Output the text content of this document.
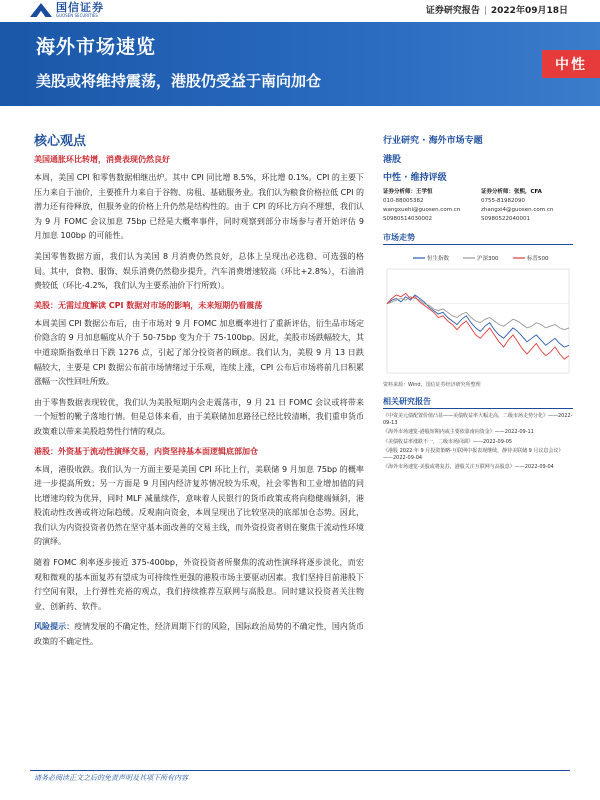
国信证券
GUOSEN SECURITIES	证券研究报告 | 2022年09月18日
海外市场速览
美股或将维持震荡，港股仍受益于南向加仓
中性
核心观点
美国通胀环比转增，消费表现仍然良好

本周，美国 CPI 和零售数据相继出炉。其中 CPI 同比增 8.5%，环比增 0.1%。CPI 的主要下压力来自于油价，主要推升力来自于谷物、房租、基础服务业。我们认为粮食价格拉低 CPI 的潜力还有待释放，但服务业的价格上升仍然是结构性的。由于 CPI 的环比方向不理想，我们认为 9 月 FOMC 会议加息 75bp 已经是大概率事件，同时观察到部分市场参与者开始评估 9 月加息 100bp 的可能性。

美国零售数据方面，我们认为美国 8 月消费仍然良好，总体上呈现出必选稳、可选强的格局。其中，食物、服饰、娱乐消费仍然稳步提升，汽车消费增速较高（环比+2.8%），石油消费较低（环比-4.2%，我们认为主要系油价下行所致）。

美股：无需过度解读 CPI 数据对市场的影响，未来短期仍看震荡

本周美国 CPI 数据公布后，由于市场对 9 月 FOMC 加息概率进行了重新评估，衍生品市场定价隐含的 9 月加息幅度从介于 50-75bp 变为介于 75-100bp。因此，美股市场跌幅较大，其中道琼斯指数单日下跌 1276 点，引起了部分投资者的顾虑。我们认为，美股 9 月 13 日跌幅较大，主要是 CPI 数据公布前市场情绪过于乐观，连续上涨，CPI 公布后市场将前几日积累涨幅一次性回吐所致。

由于零售数据表现较优，我们认为美股短期内会走震荡市，9 月 21 日 FOMC 会议或将带来一个短暂的靴子落地行情。但是总体来看，由于美联储加息路径已经比较清晰，我们重申货币政策难以带来美股趋势性行情的观点。

港股：外资基于流动性演绎交易，内资坚持基本面逻辑底部加仓

本周，港股收跌。我们认为一方面主要是美国 CPI 环比上行，美联储 9 月加息 75bp 的概率进一步提高所致；另一方面是 9 月国内经济复苏情况较为乐观，社会零售和工业增加值的同比增速均较为优异，同时 MLF 减量续作，意味着人民银行的货币政策或将向稳健端倾斜，港股流动性改善或将边际趋缓。反观南向资金，本周呈现出了比较坚决的底部加仓态势。因此，我们认为内资投资者仍然在坚守基本面改善的交易主线，而外资投资者则在聚焦于流动性环境的演绎。

随着 FOMC 利率逐步接近 375-400bp，外资投资者所聚焦的流动性演绎将逐步淡化，而宏观和微观的基本面复苏有望成为可持续性更强的港股市场主要驱动因素。我们坚持目前港股下行空间有限，上行弹性充裕的观点，我们持续推荐互联网与高股息。同时建议投资者关注物业、创新药、软件。

风险提示：疫情发展的不确定性，经济周期下行的风险，国际政治局势的不确定性，国内货币政策的不确定性。

行业研究 · 海外市场专题
港股
中性 · 维持评级
证券分析师：王学恒
010-88005382
wangxuehi@guosen.com.cn
S0980514030002
证券分析师：张熙，CFA
0755-81982090
zhangxi4@guosen.com.cn
S0980522040001
市场走势
恒生指数	沪深300	标普500
资料来源：Wind、国信证券经济研究所整理
相关研究报告
《中资美元债配置价值凸显——美债收益率大幅走高，二级市场走势分化》——2022-09-13
《海外市场速览-港股短期内或主要依靠南向资金》——2022-09-11
《美债收益率涨跌不一，二级市场回调》——2022-09-05
《港股 2022 年 9 月投资策略-互联网中报表现继续，静待美联储 9 月议息会议》——2022-09-04
《海外市场速览-美股或将复苏，港股关注互联网与高股息》——2022-09-04
请务必阅读正文之后的免责声明及其项下所有内容
